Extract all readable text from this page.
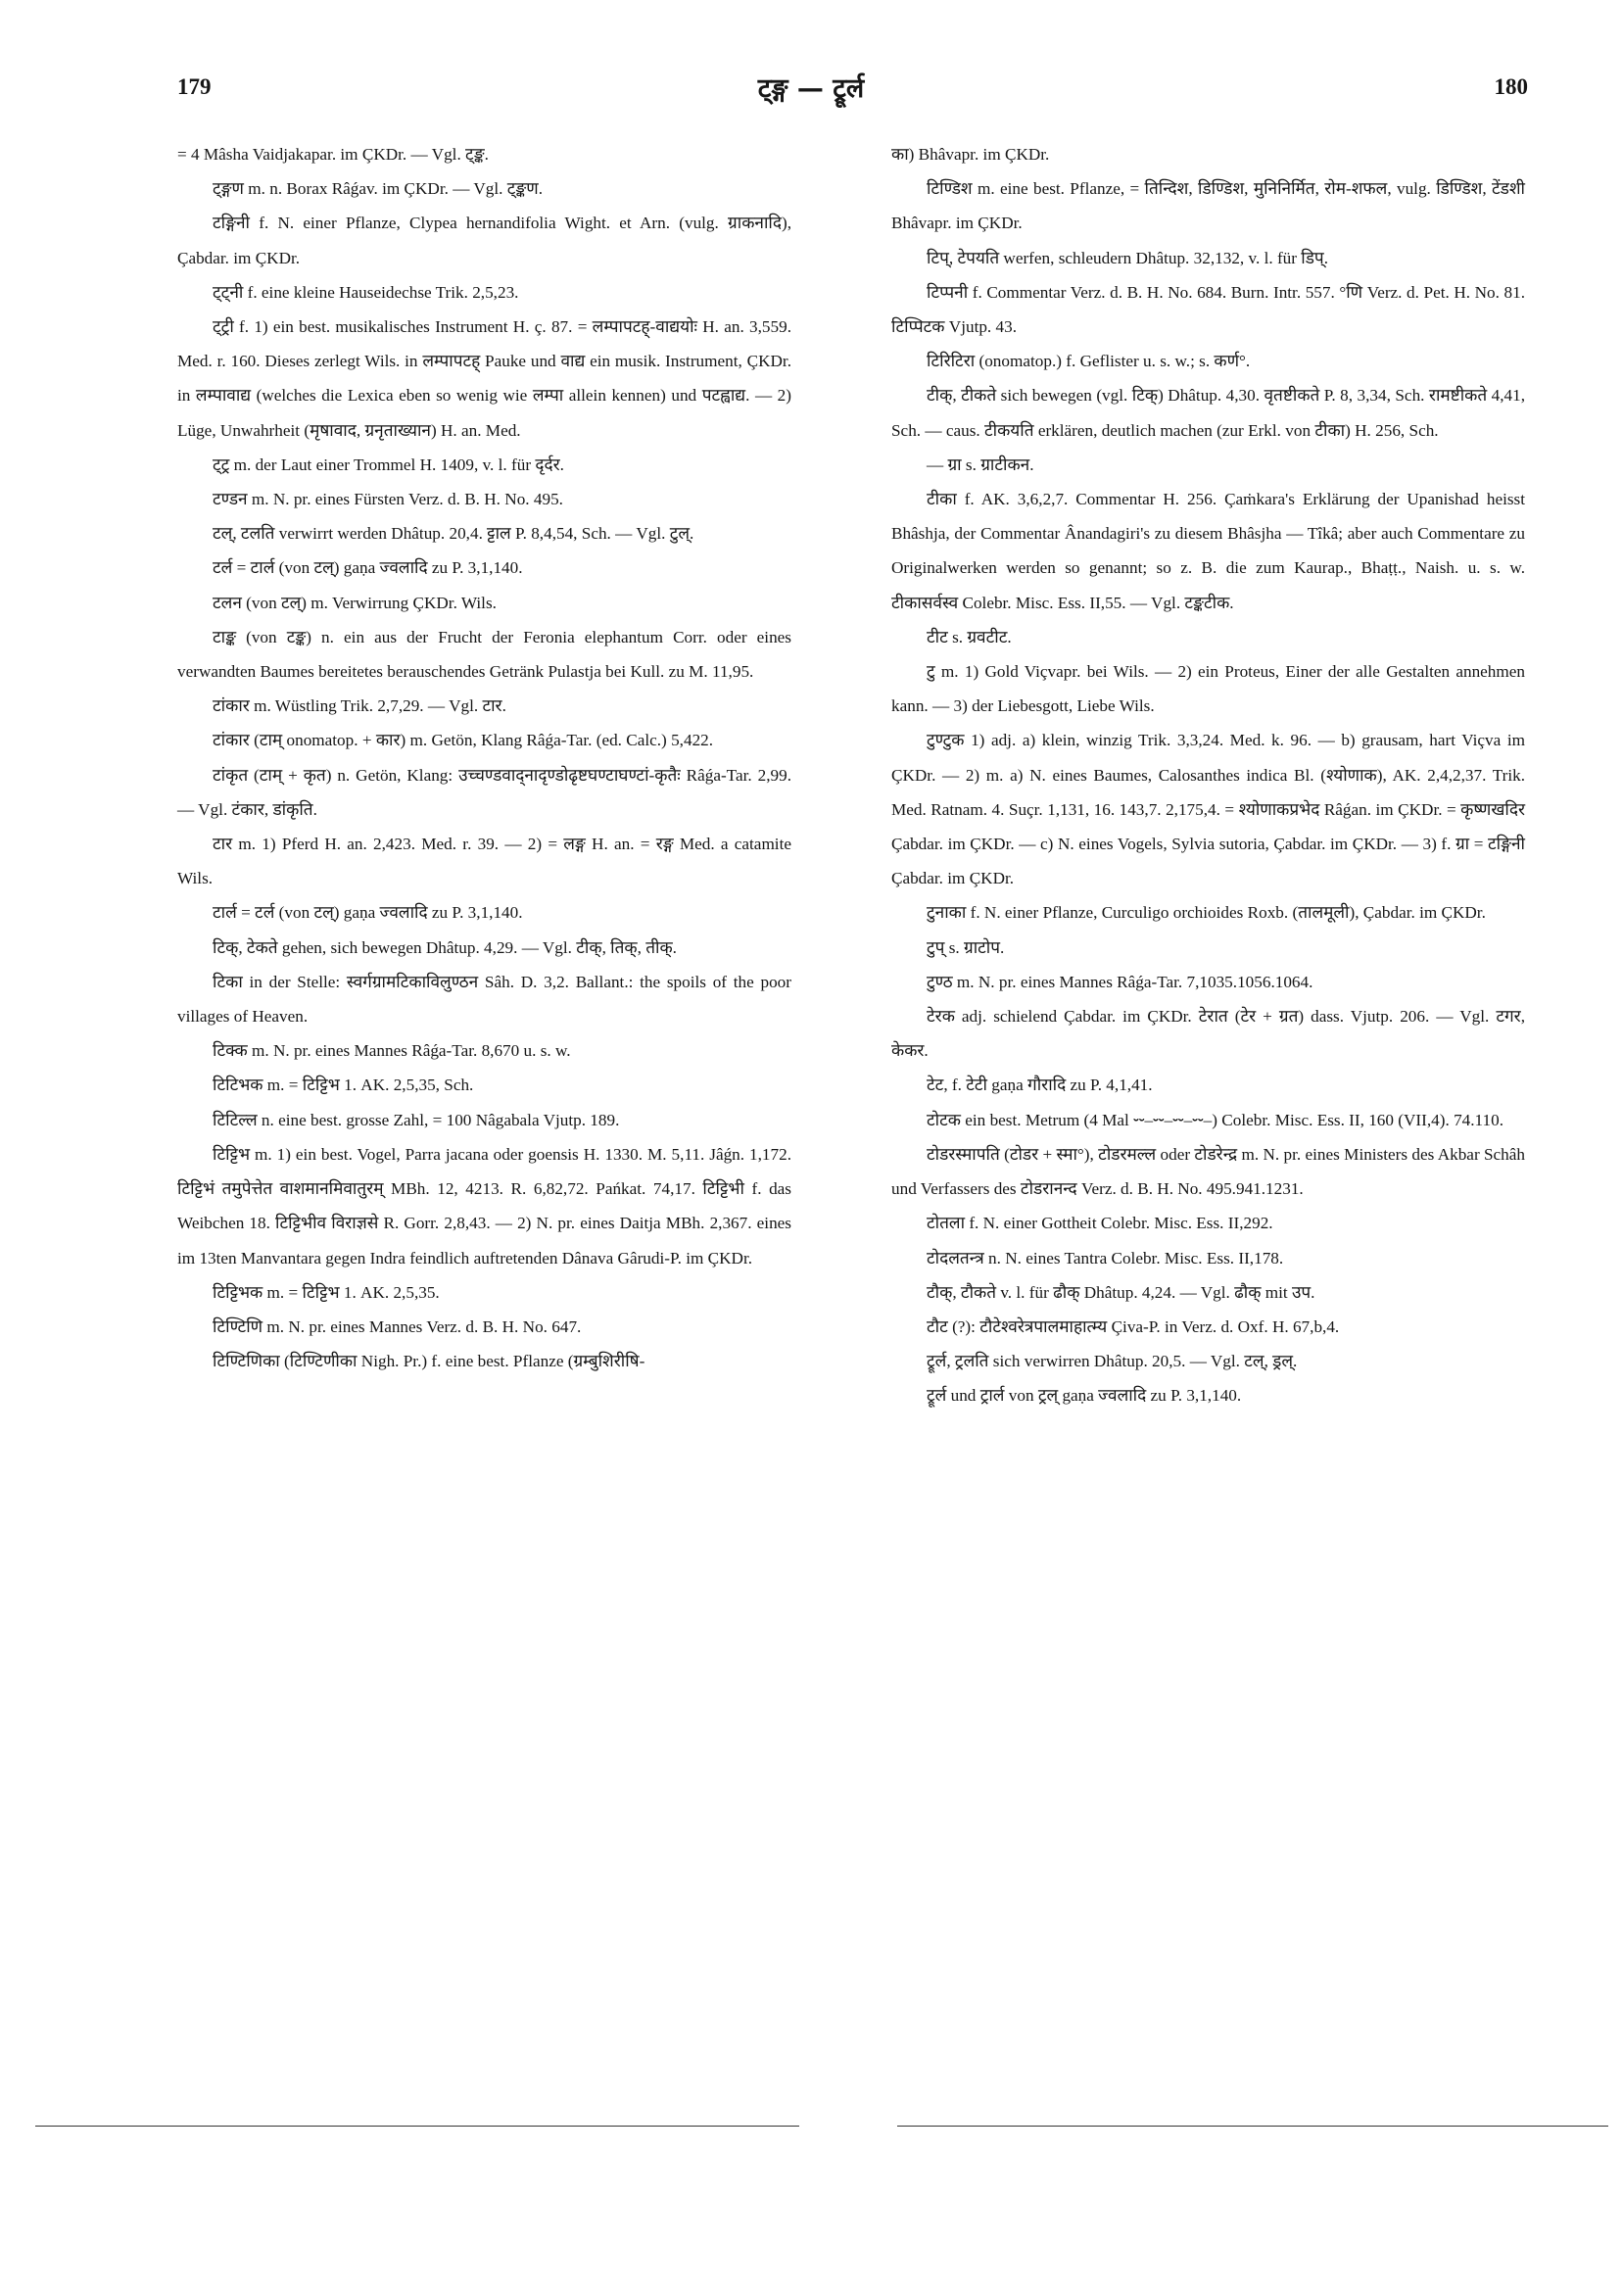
179	ट्ङ्ग — ट्रूर्ल	180

= 4 Mâsha Vaidjakapar. im ÇKDr. — Vgl. ट्ङ्क.

ट्ङ्गण m. n. Borax Râǵav. im ÇKDr. — Vgl. ट्ङ्कण.

टङ्गिनी f. N. einer Pflanze, Clypea hernandifolia Wight. et Arn. (vulg. ग्राकनादि), Çabdar. im ÇKDr.

ट्ट्नी f. eine kleine Hauseidechse Trik. 2,5,23.

ट्ट्री f. 1) ein best. musikalisches Instrument H. ç. 87. = लम्पापटह्-वाद्ययोः H. an. 3,559. Med. r. 160. Dieses zerlegt Wils. in लम्पापटह् Pauke und वाद्य ein musik. Instrument, ÇKDr. in लम्पावाद्य (welches die Lexica eben so wenig wie लम्पा allein kennen) und पटह्वाद्य. — 2) Lüge, Unwahrheit (मृषावाद, ग्रनृताख्यान) H. an. Med.

ट्ट्र m. der Laut einer Trommel H. 1409, v. l. für दृर्दर.

टण्डन m. N. pr. eines Fürsten Verz. d. B. H. No. 495.

टल्, टलति verwirrt werden Dhâtup. 20,4. ट्टाल P. 8,4,54, Sch. — Vgl. टुल्.

टर्ल = टार्ल (von टल्) gaṇa ज्वलादि zu P. 3,1,140.

टलन (von टल्) m. Verwirrung ÇKDr. Wils.

टाङ्क (von टङ्क) n. ein aus der Frucht der Feronia elephantum Corr. oder eines verwandten Baumes bereitetes berauschendes Getränk Pulastja bei Kull. zu M. 11,95.

टांकार m. Wüstling Trik. 2,7,29. — Vgl. टार.

टांकार (टाम् onomatop. + कार) m. Getön, Klang Râǵa-Tar. (ed. Calc.) 5,422.

टांकृत (टाम् + कृत) n. Getön, Klang: उच्चण्डवाद्नादृण्डोढृष्टघण्टाघण्टां-कृतैः Râǵa-Tar. 2,99. — Vgl. टंकार, डांकृति.

टार m. 1) Pferd H. an. 2,423. Med. r. 39. — 2) = लङ्ग H. an. = रङ्ग Med. a catamite Wils.

टार्ल = टर्ल (von टल्) gaṇa ज्वलादि zu P. 3,1,140.

टिक्, टेकते gehen, sich bewegen Dhâtup. 4,29. — Vgl. टीक्, तिक्, तीक्.

टिका in der Stelle: स्वर्गग्रामटिकाविलुण्ठन Sâh. D. 3,2. Ballant.: the spoils of the poor villages of Heaven.

टिक्क m. N. pr. eines Mannes Râǵa-Tar. 8,670 u. s. w.

टिटिभक m. = टिट्टिभ 1. AK. 2,5,35, Sch.

टिटिल्ल n. eine best. grosse Zahl, = 100 Nâgabala Vjutp. 189.

टिट्टिभ m. 1) ein best. Vogel, Parra jacana oder goensis H. 1330. M. 5,11. Jâǵn. 1,172. टिट्टिभं तमुपेत्तेत वाशमानमिवातुरम् MBh. 12, 4213. R. 6,82,72. Pańkat. 74,17. टिट्टिभी f. das Weibchen 18. टिट्टिभीव विराज्ञसे R. Gorr. 2,8,43. — 2) N. pr. eines Daitja MBh. 2,367. eines im 13ten Manvantara gegen Indra feindlich auftretenden Dânava Gârudi-P. im ÇKDr.

टिट्टिभक m. = टिट्टिभ 1. AK. 2,5,35.

टिण्टिणि m. N. pr. eines Mannes Verz. d. B. H. No. 647.

टिण्टिणिका (टिण्टिणीका Nigh. Pr.) f. eine best. Pflanze (ग्रम्बुशिरीषि-

का) Bhâvapr. im ÇKDr.

टिण्डिश m. eine best. Pflanze, = तिन्दिश, डिण्डिश, मुनिनिर्मित, रोम-शफल, vulg. डिण्डिश, टेंडशी Bhâvapr. im ÇKDr.

टिप्, टेपयति werfen, schleudern Dhâtup. 32,132, v. l. für डिप्.

टिप्पनी f. Commentar Verz. d. B. H. No. 684. Burn. Intr. 557. °णि Verz. d. Pet. H. No. 81. टिप्पिटक Vjutp. 43.

टिरिटिरा (onomatop.) f. Geflister u. s. w.; s. कर्ण°.

टीक्, टीकते sich bewegen (vgl. टिक्) Dhâtup. 4,30. वृतष्टीकते P. 8, 3,34, Sch. रामष्टीकते 4,41, Sch. — caus. टीकयति erklären, deutlich machen (zur Erkl. von टीका) H. 256, Sch.

— ग्रा s. ग्राटीकन.

टीका f. AK. 3,6,2,7. Commentar H. 256. Çaṁkara's Erklärung der Upanishad heisst Bhâshja, der Commentar Ânandagiri's zu diesem Bhâsjha — Tîkâ; aber auch Commentare zu Originalwerken werden so genannt; so z. B. die zum Kaurap., Bhaṭṭ., Naish. u. s. w. टीकासर्वस्व Colebr. Misc. Ess. II,55. — Vgl. टङ्कटीक.

टीट s. ग्रवटीट.

टु m. 1) Gold Viçvapr. bei Wils. — 2) ein Proteus, Einer der alle Gestalten annehmen kann. — 3) der Liebesgott, Liebe Wils.

टुण्टुक 1) adj. a) klein, winzig Trik. 3,3,24. Med. k. 96. — b) grausam, hart Viçva im ÇKDr. — 2) m. a) N. eines Baumes, Calosanthes indica Bl. (श्योणाक), AK. 2,4,2,37. Trik. Med. Ratnam. 4. Suçr. 1,131, 16. 143,7. 2,175,4. = श्योणाकप्रभेद Râǵan. im ÇKDr. = कृष्णखदिर Çabdar. im ÇKDr. — c) N. eines Vogels, Sylvia sutoria, Çabdar. im ÇKDr. — 3) f. ग्रा = टङ्गिनी Çabdar. im ÇKDr.

टुनाका f. N. einer Pflanze, Curculigo orchioides Roxb. (तालमूली), Çabdar. im ÇKDr.

टुप् s. ग्राटोप.

टुण्ठ m. N. pr. eines Mannes Râǵa-Tar. 7,1035.1056.1064.

टेरक adj. schielend Çabdar. im ÇKDr. टेरात (टेर + ग्रत) dass. Vjutp. 206. — Vgl. टगर, केकर.

टेट, f. टेटी gaṇa गौरादि zu P. 4,1,41.

टोटक ein best. Metrum (4 Mal ⏑⏑–⏑⏑–⏑⏑–⏑⏑–) Colebr. Misc. Ess. II, 160 (VII,4). 74.110.

टोडरस्मापति (टोडर + स्मा°), टोडरमल्ल oder टोडरेन्द्र m. N. pr. eines Ministers des Akbar Schâh und Verfassers des टोडरानन्द Verz. d. B. H. No. 495.941.1231.

टोतला f. N. einer Gottheit Colebr. Misc. Ess. II,292.

टोदलतन्त्र n. N. eines Tantra Colebr. Misc. Ess. II,178.

टौक्, टौकते v. l. für ढौक् Dhâtup. 4,24. — Vgl. ढौक् mit उप.

टौट (?): टौटेश्वरेत्रपालमाहात्म्य Çiva-P. in Verz. d. Oxf. H. 67,b,4.

ट्रूर्ल, ट्रलति sich verwirren Dhâtup. 20,5. — Vgl. टल्, ड्रल्.

ट्रूर्ल und ट्रार्ल von ट्रल् gaṇa ज्वलादि zu P. 3,1,140.
